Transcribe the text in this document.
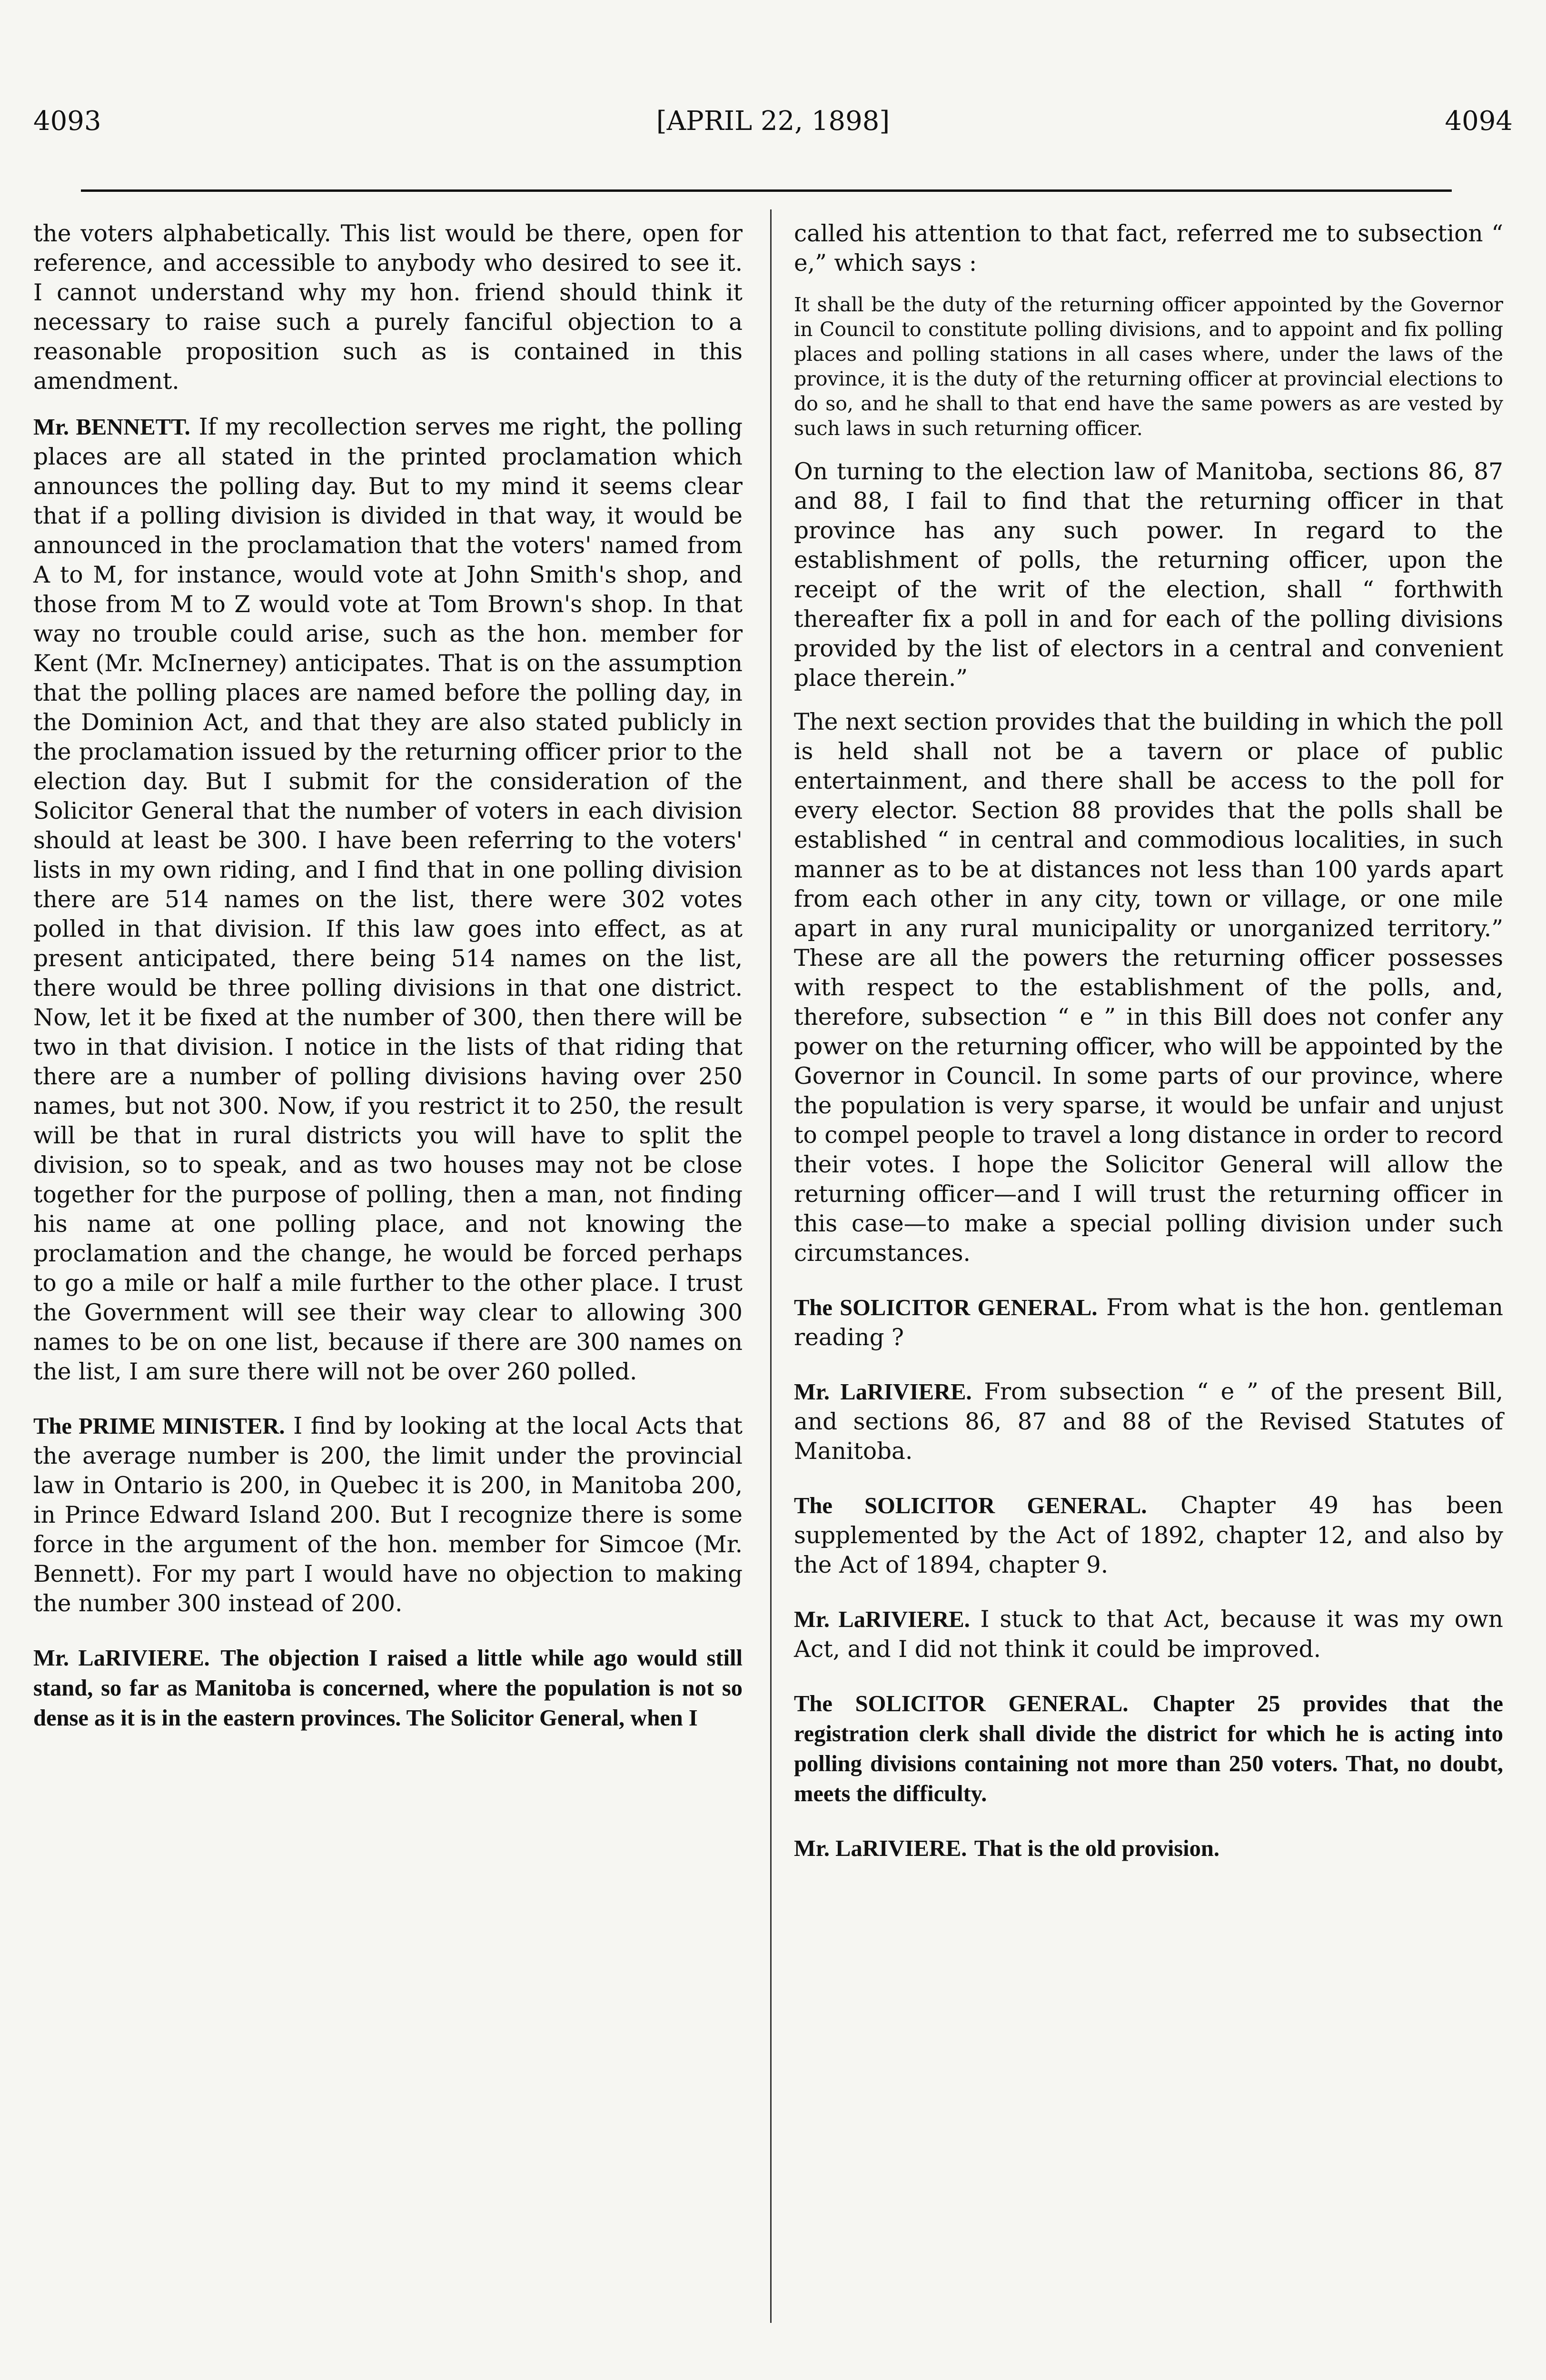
4093	[APRIL 22, 1898]	4094

the voters alphabetically. This list would be there, open for reference, and accessible to anybody who desired to see it. I cannot understand why my hon. friend should think it necessary to raise such a purely fanciful objection to a reasonable proposition such as is contained in this amendment.

Mr. BENNETT. If my recollection serves me right, the polling places are all stated in the printed proclamation which announces the polling day. But to my mind it seems clear that if a polling division is divided in that way, it would be announced in the proclamation that the voters' named from A to M, for instance, would vote at John Smith's shop, and those from M to Z would vote at Tom Brown's shop. In that way no trouble could arise, such as the hon. member for Kent (Mr. McInerney) anticipates. That is on the assumption that the polling places are named before the polling day, in the Dominion Act, and that they are also stated publicly in the proclamation issued by the returning officer prior to the election day. But I submit for the consideration of the Solicitor General that the number of voters in each division should at least be 300. I have been referring to the voters' lists in my own riding, and I find that in one polling division there are 514 names on the list, there were 302 votes polled in that division. If this law goes into effect, as at present anticipated, there being 514 names on the list, there would be three polling divisions in that one district. Now, let it be fixed at the number of 300, then there will be two in that division. I notice in the lists of that riding that there are a number of polling divisions having over 250 names, but not 300. Now, if you restrict it to 250, the result will be that in rural districts you will have to split the division, so to speak, and as two houses may not be close together for the purpose of polling, then a man, not finding his name at one polling place, and not knowing the proclamation and the change, he would be forced perhaps to go a mile or half a mile further to the other place. I trust the Government will see their way clear to allowing 300 names to be on one list, because if there are 300 names on the list, I am sure there will not be over 260 polled.

The PRIME MINISTER. I find by looking at the local Acts that the average number is 200, the limit under the provincial law in Ontario is 200, in Quebec it is 200, in Manitoba 200, in Prince Edward Island 200. But I recognize there is some force in the argument of the hon. member for Simcoe (Mr. Bennett). For my part I would have no objection to making the number 300 instead of 200.

Mr. LaRIVIERE. The objection I raised a little while ago would still stand, so far as Manitoba is concerned, where the population is not so dense as it is in the eastern provinces. The Solicitor General, when I

called his attention to that fact, referred me to subsection “ e,” which says :

It shall be the duty of the returning officer appointed by the Governor in Council to constitute polling divisions, and to appoint and fix polling places and polling stations in all cases where, under the laws of the province, it is the duty of the returning officer at provincial elections to do so, and he shall to that end have the same powers as are vested by such laws in such returning officer.

On turning to the election law of Manitoba, sections 86, 87 and 88, I fail to find that the returning officer in that province has any such power. In regard to the establishment of polls, the returning officer, upon the receipt of the writ of the election, shall “ forthwith thereafter fix a poll in and for each of the polling divisions provided by the list of electors in a central and convenient place therein.”

The next section provides that the building in which the poll is held shall not be a tavern or place of public entertainment, and there shall be access to the poll for every elector. Section 88 provides that the polls shall be established “ in central and commodious localities, in such manner as to be at distances not less than 100 yards apart from each other in any city, town or village, or one mile apart in any rural municipality or unorganized territory.” These are all the powers the returning officer possesses with respect to the establishment of the polls, and, therefore, subsection “ e ” in this Bill does not confer any power on the returning officer, who will be appointed by the Governor in Council. In some parts of our province, where the population is very sparse, it would be unfair and unjust to compel people to travel a long distance in order to record their votes. I hope the Solicitor General will allow the returning officer—and I will trust the returning officer in this case—to make a special polling division under such circumstances.

The SOLICITOR GENERAL. From what is the hon. gentleman reading ?

Mr. LaRIVIERE. From subsection “ e ” of the present Bill, and sections 86, 87 and 88 of the Revised Statutes of Manitoba.

The SOLICITOR GENERAL. Chapter 49 has been supplemented by the Act of 1892, chapter 12, and also by the Act of 1894, chapter 9.

Mr. LaRIVIERE. I stuck to that Act, because it was my own Act, and I did not think it could be improved.

The SOLICITOR GENERAL. Chapter 25 provides that the registration clerk shall divide the district for which he is acting into polling divisions containing not more than 250 voters. That, no doubt, meets the difficulty.

Mr. LaRIVIERE. That is the old provision.
